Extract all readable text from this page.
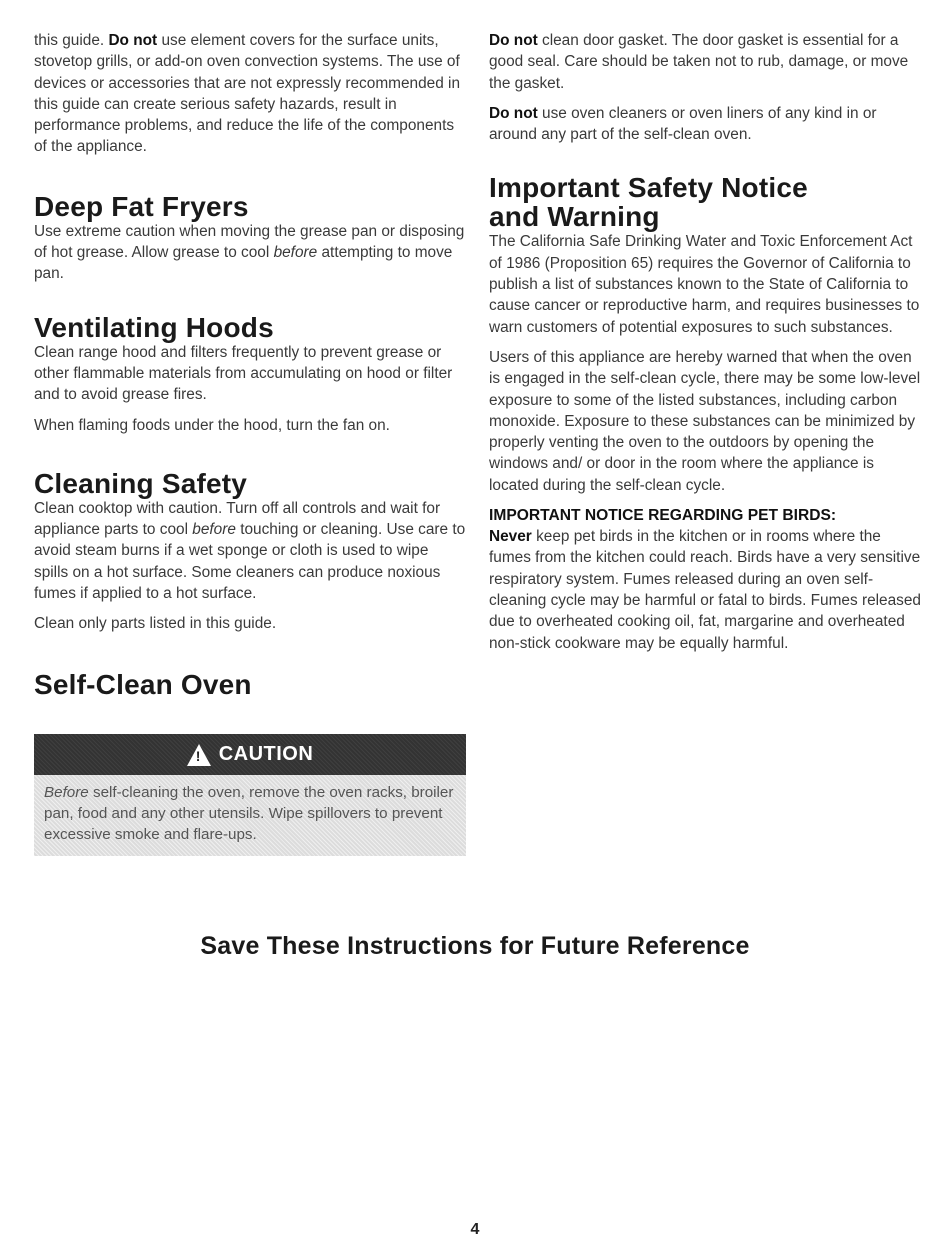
this guide. Do not use element covers for the surface units, stovetop grills, or add-on oven convection systems. The use of devices or accessories that are not expressly recommended in this guide can create serious safety hazards, result in performance problems, and reduce the life of the components of the appliance.

Deep Fat Fryers

Use extreme caution when moving the grease pan or disposing of hot grease. Allow grease to cool before attempting to move pan.

Ventilating Hoods

Clean range hood and filters frequently to prevent grease or other flammable materials from accumulating on hood or filter and to avoid grease fires.

When flaming foods under the hood, turn the fan on.

Cleaning Safety

Clean cooktop with caution. Turn off all controls and wait for appliance parts to cool before touching or cleaning. Use care to avoid steam burns if a wet sponge or cloth is used to wipe spills on a hot surface. Some cleaners can produce noxious fumes if applied to a hot surface.

Clean only parts listed in this guide.

Self-Clean Oven
! CAUTION

Before self-cleaning the oven, remove the oven racks, broiler pan, food and any other utensils. Wipe spillovers to prevent excessive smoke and flare-ups.

Do not clean door gasket. The door gasket is essential for a good seal. Care should be taken not to rub, damage, or move the gasket.

Do not use oven cleaners or oven liners of any kind in or around any part of the self-clean oven.

Important Safety Notice
and Warning

The California Safe Drinking Water and Toxic Enforcement Act of 1986 (Proposition 65) requires the Governor of California to publish a list of substances known to the State of California to cause cancer or reproductive harm, and requires businesses to warn customers of potential exposures to such substances.

Users of this appliance are hereby warned that when the oven is engaged in the self-clean cycle, there may be some low-level exposure to some of the listed substances, including carbon monoxide. Exposure to these substances can be minimized by properly venting the oven to the outdoors by opening the windows and/ or door in the room where the appliance is located during the self-clean cycle.

IMPORTANT NOTICE REGARDING PET BIRDS:

Never keep pet birds in the kitchen or in rooms where the fumes from the kitchen could reach. Birds have a very sensitive respiratory system. Fumes released during an oven self-cleaning cycle may be harmful or fatal to birds. Fumes released due to overheated cooking oil, fat, margarine and overheated non-stick cookware may be equally harmful.

Save These Instructions for Future Reference
4
